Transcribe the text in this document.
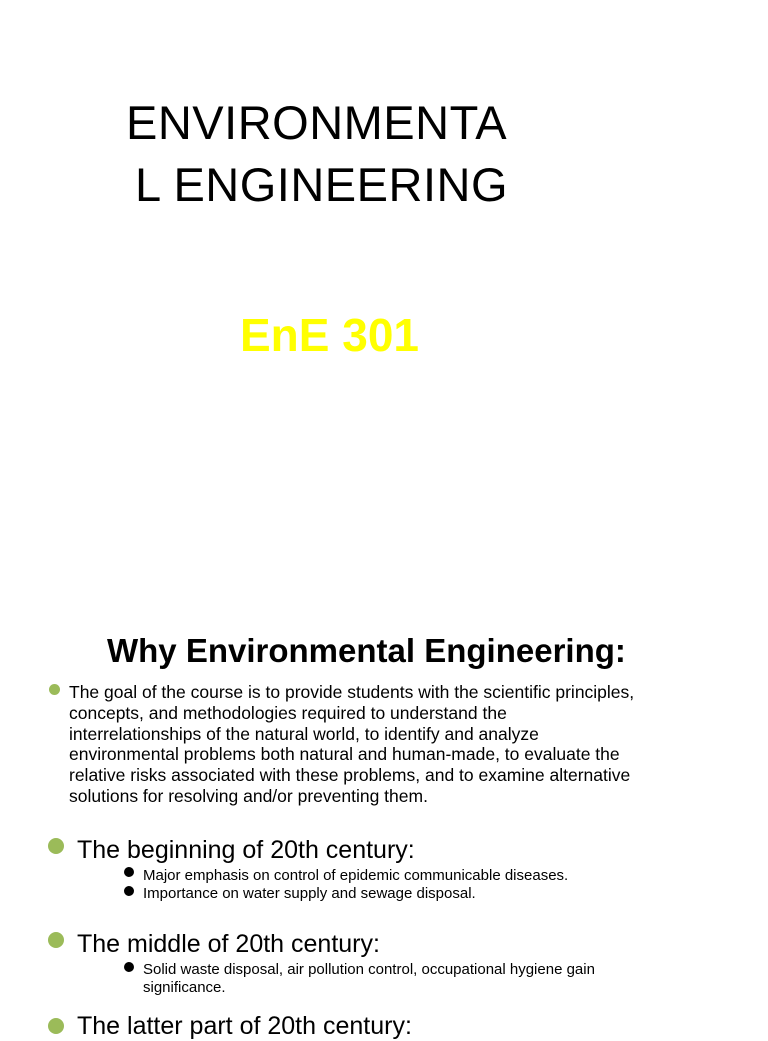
ENVIRONMENTA
L ENGINEERING
EnE 301
Why Environmental Engineering:
The goal of the course is to provide students with the scientific principles,
concepts, and methodologies required to understand the
interrelationships of the natural world, to identify and analyze
environmental problems both natural and human-made, to evaluate the
relative risks associated with these problems, and to examine alternative
solutions for resolving and/or preventing them.
The beginning of 20th century:
Major emphasis on control of epidemic communicable diseases.
Importance on water supply and sewage disposal.
The middle of 20th century:
Solid waste disposal, air pollution control, occupational hygiene gain
significance.
The latter part of 20th century:
